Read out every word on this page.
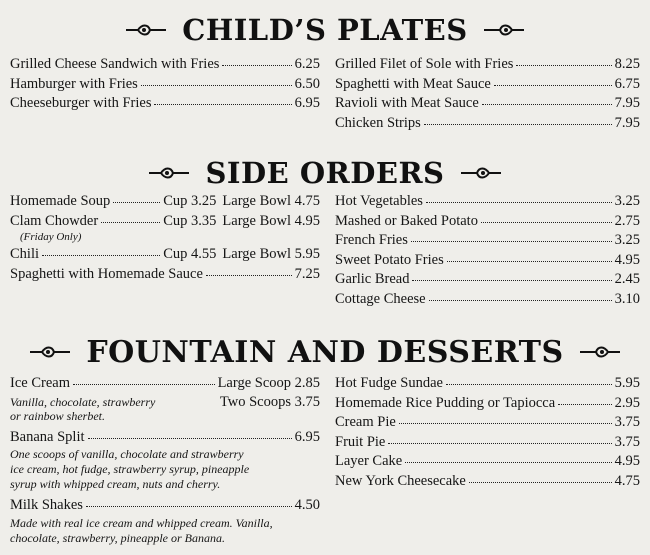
CHILD’S PLATES
Grilled Cheese Sandwich with Fries	6.25
Hamburger with Fries	6.50
Cheeseburger with Fries	6.95
Grilled Filet of Sole with Fries	8.25
Spaghetti with Meat Sauce	6.75
Ravioli with Meat Sauce	7.95
Chicken Strips	7.95
SIDE ORDERS
Homemade Soup	Cup 3.25 Large Bowl 4.75
Clam Chowder	Cup 3.35 Large Bowl 4.95
(Friday Only)
Chili	Cup 4.55 Large Bowl 5.95
Spaghetti with Homemade Sauce	7.25
Hot Vegetables	3.25
Mashed or Baked Potato	2.75
French Fries	3.25
Sweet Potato Fries	4.95
Garlic Bread	2.45
Cottage Cheese	3.10
FOUNTAIN AND DESSERTS
Ice Cream	Large Scoop 2.85
Vanilla, chocolate, strawberry	Two Scoops 3.75
or rainbow sherbet.
Banana Split	6.95
One scoops of vanilla, chocolate and strawberry
ice cream, hot fudge, strawberry syrup, pineapple
syrup with whipped cream, nuts and cherry.
Milk Shakes	4.50
Made with real ice cream and whipped cream. Vanilla,
chocolate, strawberry, pineapple or Banana.
Hot Fudge Sundae	5.95
Homemade Rice Pudding or Tapiocca	2.95
Cream Pie	3.75
Fruit Pie	3.75
Layer Cake	4.95
New York Cheesecake	4.75
